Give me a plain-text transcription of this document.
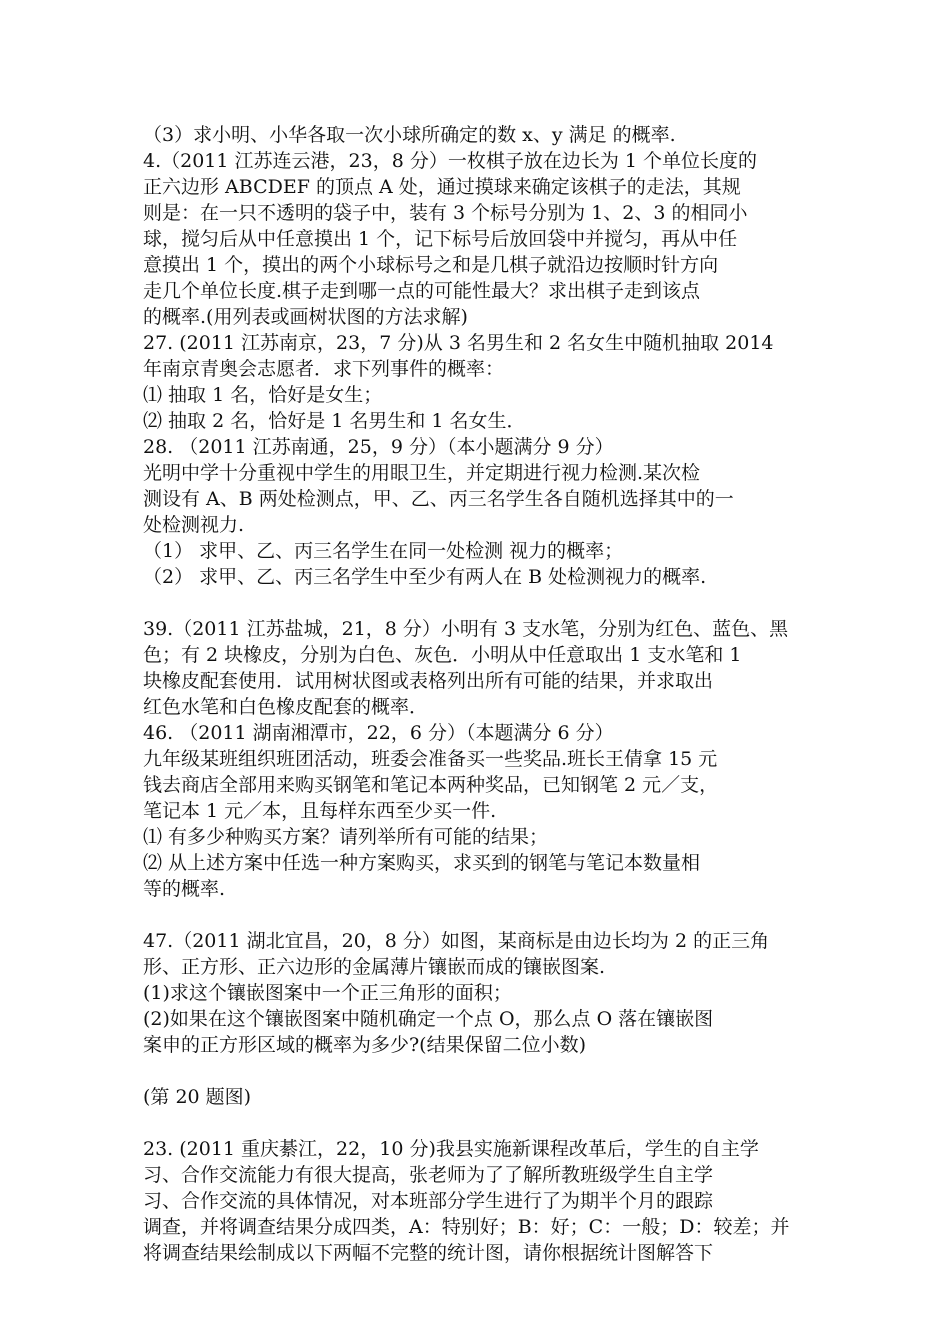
（3）求小明、小华各取一次小球所确定的数 x、y 满足 的概率.
4.（2011 江苏连云港，23，8 分）一枚棋子放在边长为 1 个单位长度的
正六边形 ABCDEF 的顶点 A 处，通过摸球来确定该棋子的走法，其规
则是：在一只不透明的袋子中，装有 3 个标号分别为 1、2、3 的相同小
球，搅匀后从中任意摸出 1 个，记下标号后放回袋中并搅匀，再从中任
意摸出 1 个，摸出的两个小球标号之和是几棋子就沿边按顺时针方向
走几个单位长度.棋子走到哪一点的可能性最大？求出棋子走到该点
的概率.(用列表或画树状图的方法求解)
27. (2011 江苏南京，23，7 分)从 3 名男生和 2 名女生中随机抽取 2014
年南京青奥会志愿者．求下列事件的概率：
⑴ 抽取 1 名，恰好是女生；
⑵ 抽取 2 名，恰好是 1 名男生和 1 名女生．
28. （2011 江苏南通，25，9 分）（本小题满分 9 分）
光明中学十分重视中学生的用眼卫生，并定期进行视力检测.某次检
测设有 A、B 两处检测点，甲、乙、丙三名学生各自随机选择其中的一
处检测视力.
（1） 求甲、乙、丙三名学生在同一处检测 视力的概率；
（2） 求甲、乙、丙三名学生中至少有两人在 B 处检测视力的概率.
39.（2011 江苏盐城，21，8 分）小明有 3 支水笔，分别为红色、蓝色、黑
色；有 2 块橡皮，分别为白色、灰色．小明从中任意取出 1 支水笔和 1
块橡皮配套使用．试用树状图或表格列出所有可能的结果，并求取出
红色水笔和白色橡皮配套的概率．
46. （2011 湖南湘潭市，22，6 分）（本题满分 6 分）
九年级某班组织班团活动，班委会准备买一些奖品.班长王倩拿 15 元
钱去商店全部用来购买钢笔和笔记本两种奖品，已知钢笔 2 元／支，
笔记本 1 元／本，且每样东西至少买一件.
⑴ 有多少种购买方案？请列举所有可能的结果；
⑵ 从上述方案中任选一种方案购买，求买到的钢笔与笔记本数量相
等的概率.
47.（2011 湖北宜昌，20，8 分）如图，某商标是由边长均为 2 的正三角
形、正方形、正六边形的金属薄片镶嵌而成的镶嵌图案.
(1)求这个镶嵌图案中一个正三角形的面积；
(2)如果在这个镶嵌图案中随机确定一个点 O，那么点 O 落在镶嵌图
案申的正方形区域的概率为多少?(结果保留二位小数)
(第 20 题图)
23. (2011 重庆綦江，22，10 分)我县实施新课程改革后，学生的自主学
习、合作交流能力有很大提高，张老师为了了解所教班级学生自主学
习、合作交流的具体情况，对本班部分学生进行了为期半个月的跟踪
调查，并将调查结果分成四类，A：特别好；B：好；C：一般；D：较差；并
将调查结果绘制成以下两幅不完整的统计图，请你根据统计图解答下
